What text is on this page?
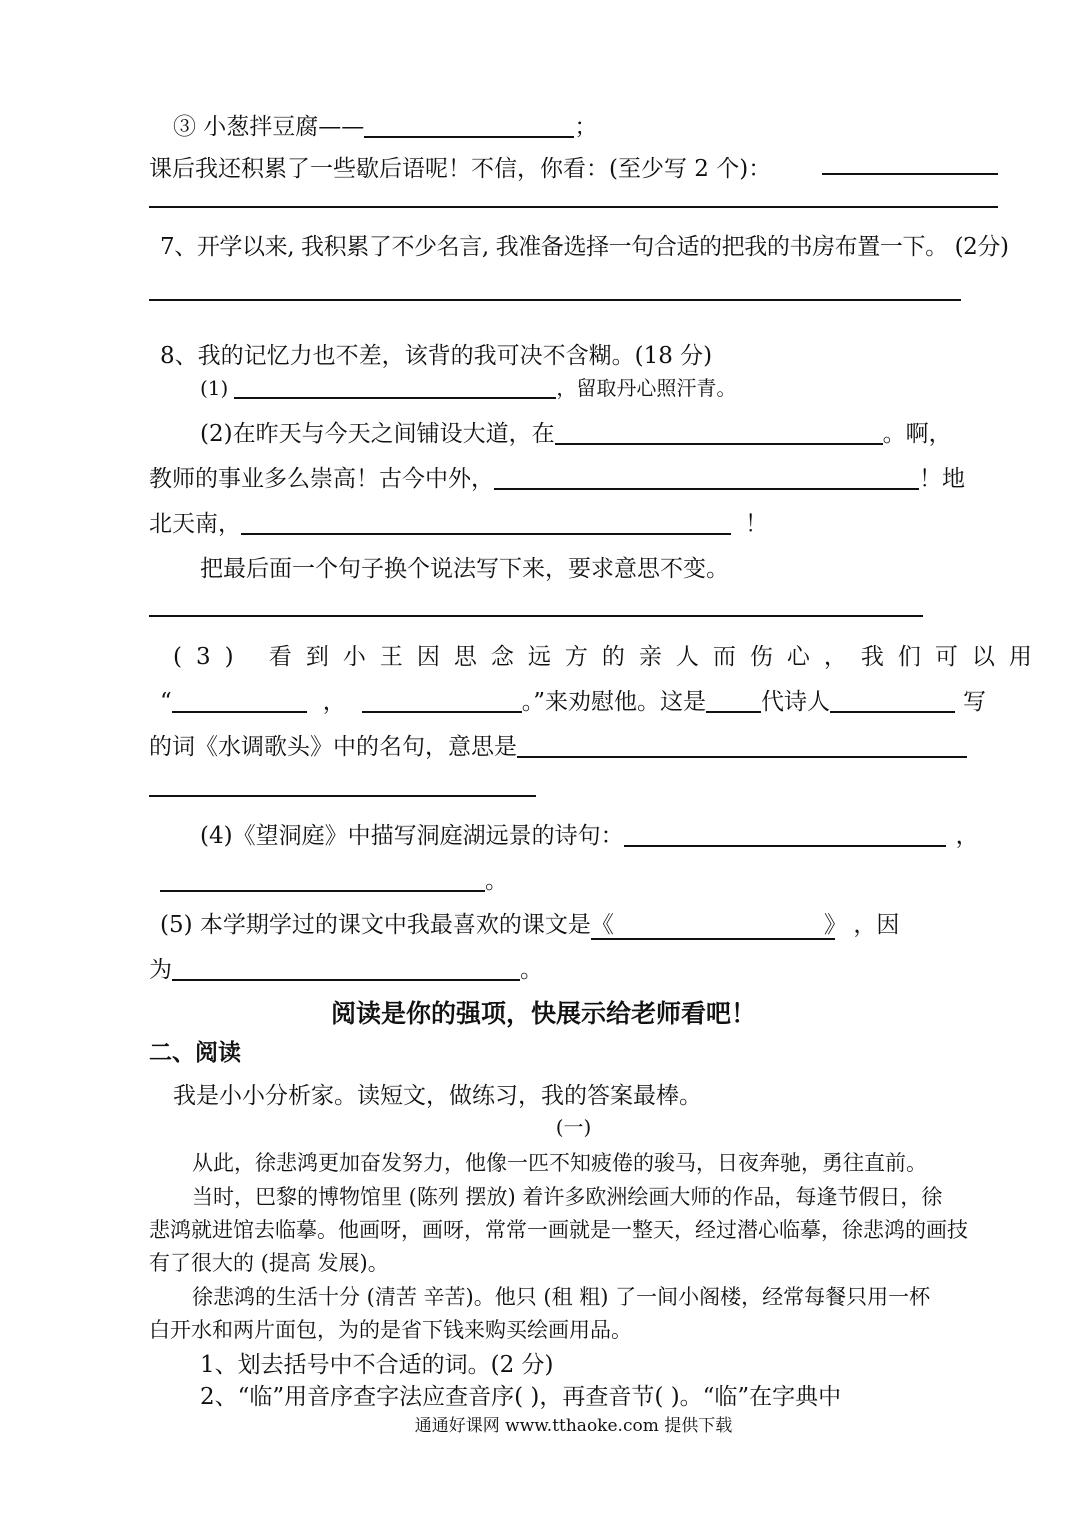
③ 小葱拌豆腐——	；
课后我还积累了一些歇后语呢！不信，你看：(至少写 2 个)：
7、开学以来, 我积累了不少名言, 我准备选择一句合适的把我的书房布置一下。 (2分)
8、我的记忆力也不差，该背的我可决不含糊。(18 分)
(1)	，留取丹心照汗青。
(2)在昨天与今天之间铺设大道，在	。啊，
教师的事业多么崇高！古今中外，	！地
北天南，	！
把最后面一个句子换个说法写下来，要求意思不变。
(3) 看到小王因思念远方的亲人而伤心，我们可以用
“	，	。”来劝慰他。这是 代诗人	写
的词《水调歌头》中的名句，意思是
(4)《望洞庭》中描写洞庭湖远景的诗句：	，
。
(5) 本学期学过的课文中我最喜欢的课文是《	》 ，因
为	。
阅读是你的强项，快展示给老师看吧！
二、阅读
我是小小分析家。读短文，做练习，我的答案最棒。
(一)
从此，徐悲鸿更加奋发努力，他像一匹不知疲倦的骏马，日夜奔驰，勇往直前。
当时，巴黎的博物馆里 (陈列 摆放) 着许多欧洲绘画大师的作品，每逢节假日，徐
悲鸿就进馆去临摹。他画呀，画呀，常常一画就是一整天，经过潜心临摹，徐悲鸿的画技
有了很大的 (提高 发展)。
徐悲鸿的生活十分 (清苦 辛苦)。他只 (租 粗) 了一间小阁楼，经常每餐只用一杯
白开水和两片面包，为的是省下钱来购买绘画用品。
1、划去括号中不合适的词。(2 分)
2、“临”用音序查字法应查音序( )，再查音节( )。“临”在字典中
通通好课网 www.tthaoke.com 提供下载
